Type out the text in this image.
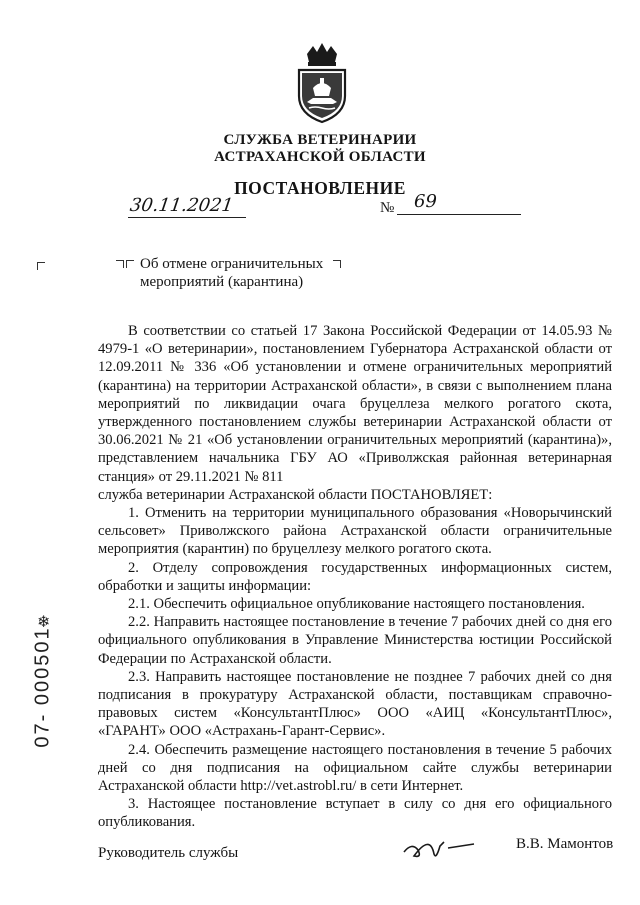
СЛУЖБА ВЕТЕРИНАРИИ
АСТРАХАНСКОЙ ОБЛАСТИ
ПОСТАНОВЛЕНИЕ
30.11.2021	№ 69
Об отмене ограничительных
мероприятий (карантина)

В соответствии со статьей 17 Закона Российской Федерации от 14.05.93 № 4979-1 «О ветеринарии», постановлением Губернатора Астраханской области от 12.09.2011 № 336 «Об установлении и отмене ограничительных мероприятий (карантина) на территории Астраханской области», в связи с выполнением плана мероприятий по ликвидации очага бруцеллеза мелкого рогатого скота, утвержденного постановлением службы ветеринарии Астраханской области от 30.06.2021 № 21 «Об установлении ограничительных мероприятий (карантина)», представлением начальника ГБУ АО «Приволжская районная ветеринарная станция» от 29.11.2021 № 811

служба ветеринарии Астраханской области ПОСТАНОВЛЯЕТ:

1. Отменить на территории муниципального образования «Новорычинский сельсовет» Приволжского района Астраханской области ограничительные мероприятия (карантин) по бруцеллезу мелкого рогатого скота.

2. Отделу сопровождения государственных информационных систем, обработки и защиты информации:

2.1. Обеспечить официальное опубликование настоящего постановления.

2.2. Направить настоящее постановление в течение 7 рабочих дней со дня его официального опубликования в Управление Министерства юстиции Российской Федерации по Астраханской области.

2.3. Направить настоящее постановление не позднее 7 рабочих дней со дня подписания в прокуратуру Астраханской области, поставщикам справочно-правовых систем «КонсультантПлюс» ООО «АИЦ «КонсультантПлюс», «ГАРАНТ» ООО «Астрахань-Гарант-Сервис».

2.4. Обеспечить размещение настоящего постановления в течение 5 рабочих дней со дня подписания на официальном сайте службы ветеринарии Астраханской области http://vet.astrobl.ru/ в сети Интернет.

3. Настоящее постановление вступает в силу со дня его официального опубликования.

❄
07- 000501
Руководитель службы
В.В. Мамонтов
